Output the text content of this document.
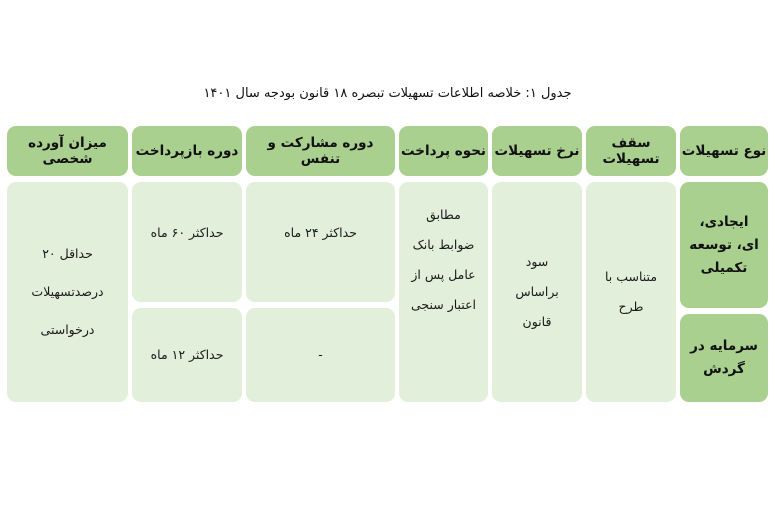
جدول ۱: خلاصه اطلاعات تسهیلات تبصره ۱۸ قانون بودجه سال ۱۴۰۱
نوع تسهیلات
سقف تسهیلات
نرخ تسهیلات
نحوه پرداخت
دوره مشارکت و تنفس
دوره بازپرداخت
میزان آورده شخصی
ایجادی،
ای، توسعه
تکمیلی
سرمایه در
گردش
متناسب با
طرح
سود
براساس
قانون
مطابق
ضوابط بانک
عامل پس از
اعتبار سنجی
حداکثر ۲۴ ماه
-
حداکثر ۶۰ ماه
حداکثر ۱۲ ماه
حداقل ۲۰
درصدتسهیلات
درخواستی
